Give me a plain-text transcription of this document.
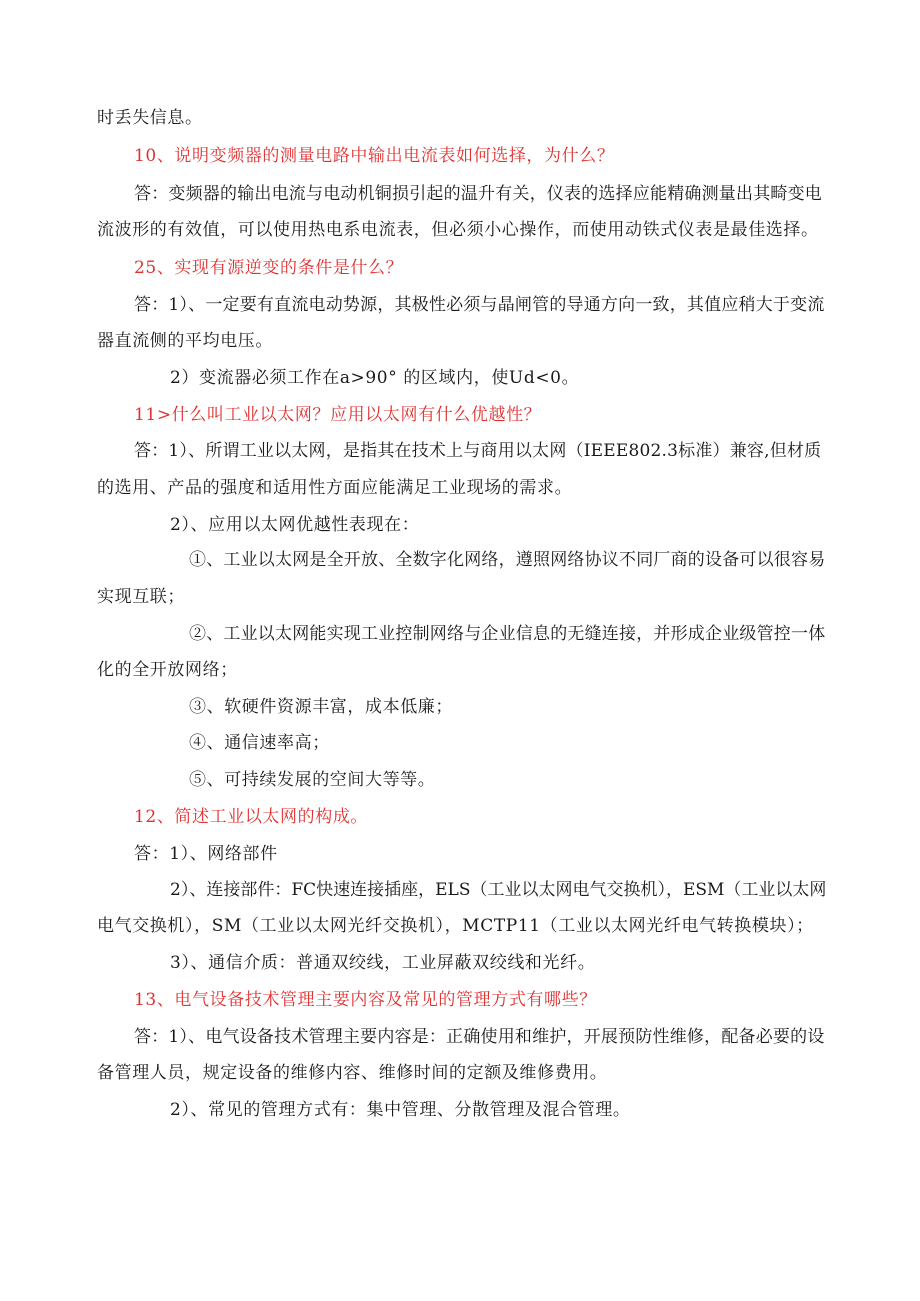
时丢失信息。
10、说明变频器的测量电路中输出电流表如何选择，为什么？
答：变频器的输出电流与电动机铜损引起的温升有关，仪表的选择应能精确测量出其畸变电
流波形的有效值，可以使用热电系电流表，但必须小心操作，而使用动铁式仪表是最佳选择。
25、实现有源逆变的条件是什么？
答：1）、一定要有直流电动势源，其极性必须与晶闸管的导通方向一致，其值应稍大于变流
器直流侧的平均电压。
2）变流器必须工作在a>90° 的区域内，使Ud<0。
11>什么叫工业以太网？应用以太网有什么优越性？
答：1）、所谓工业以太网，是指其在技术上与商用以太网（IEEE802.3标准）兼容,但材质
的选用、产品的强度和适用性方面应能满足工业现场的需求。
2）、应用以太网优越性表现在：
①、工业以太网是全开放、全数字化网络，遵照网络协议不同厂商的设备可以很容易
实现互联；
②、工业以太网能实现工业控制网络与企业信息的无缝连接，并形成企业级管控一体
化的全开放网络；
③、软硬件资源丰富，成本低廉；
④、通信速率高；
⑤、可持续发展的空间大等等。
12、简述工业以太网的构成。
答：1）、网络部件
2）、连接部件：FC快速连接插座，ELS（工业以太网电气交换机），ESM（工业以太网
电气交换机），SM（工业以太网光纤交换机），MCTP11（工业以太网光纤电气转换模块）；
3）、通信介质：普通双绞线，工业屏蔽双绞线和光纤。
13、电气设备技术管理主要内容及常见的管理方式有哪些？
答：1）、电气设备技术管理主要内容是：正确使用和维护，开展预防性维修，配备必要的设
备管理人员，规定设备的维修内容、维修时间的定额及维修费用。
2）、常见的管理方式有：集中管理、分散管理及混合管理。
